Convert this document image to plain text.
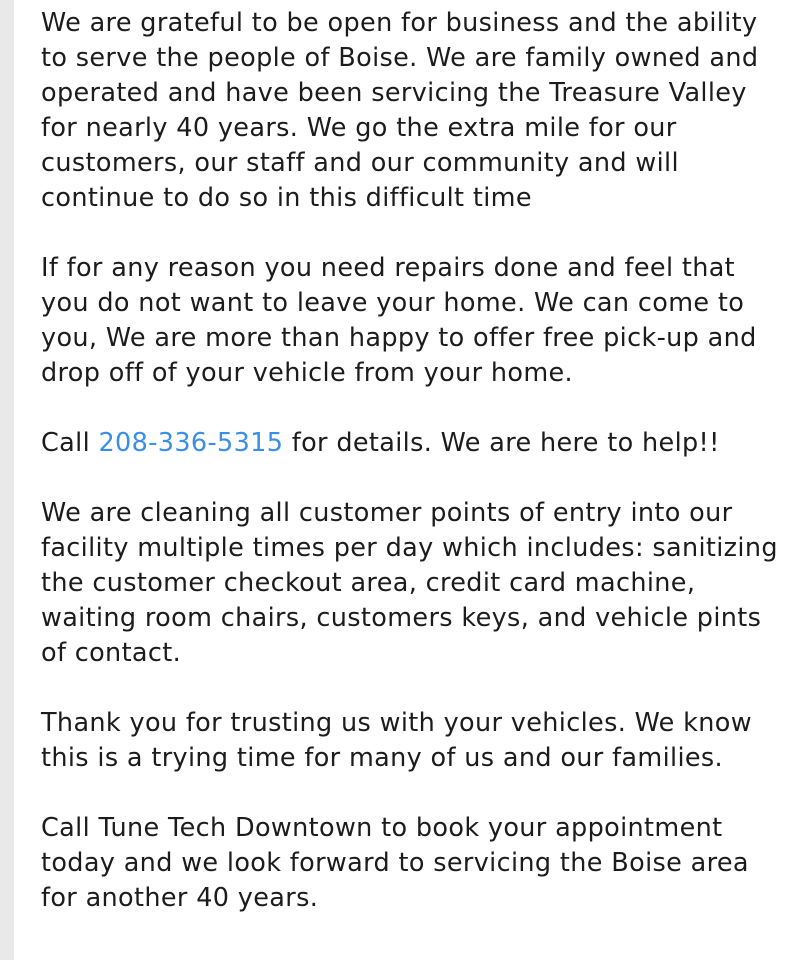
We are grateful to be open for business and the ability to serve the people of Boise. We are family owned and operated and have been servicing the Treasure Valley for nearly 40 years. We go the extra mile for our customers, our staff and our community and will continue to do so in this difficult time

If for any reason you need repairs done and feel that you do not want to leave your home. We can come to you, We are more than happy to offer free pick-up and drop off of your vehicle from your home.

Call 208-336-5315 for details. We are here to help!!

We are cleaning all customer points of entry into our facility multiple times per day which includes: sanitizing the customer checkout area, credit card machine, waiting room chairs, customers keys, and vehicle pints of contact.

Thank you for trusting us with your vehicles. We know this is a trying time for many of us and our families.

Call Tune Tech Downtown to book your appointment today and we look forward to servicing the Boise area for another 40 years.
